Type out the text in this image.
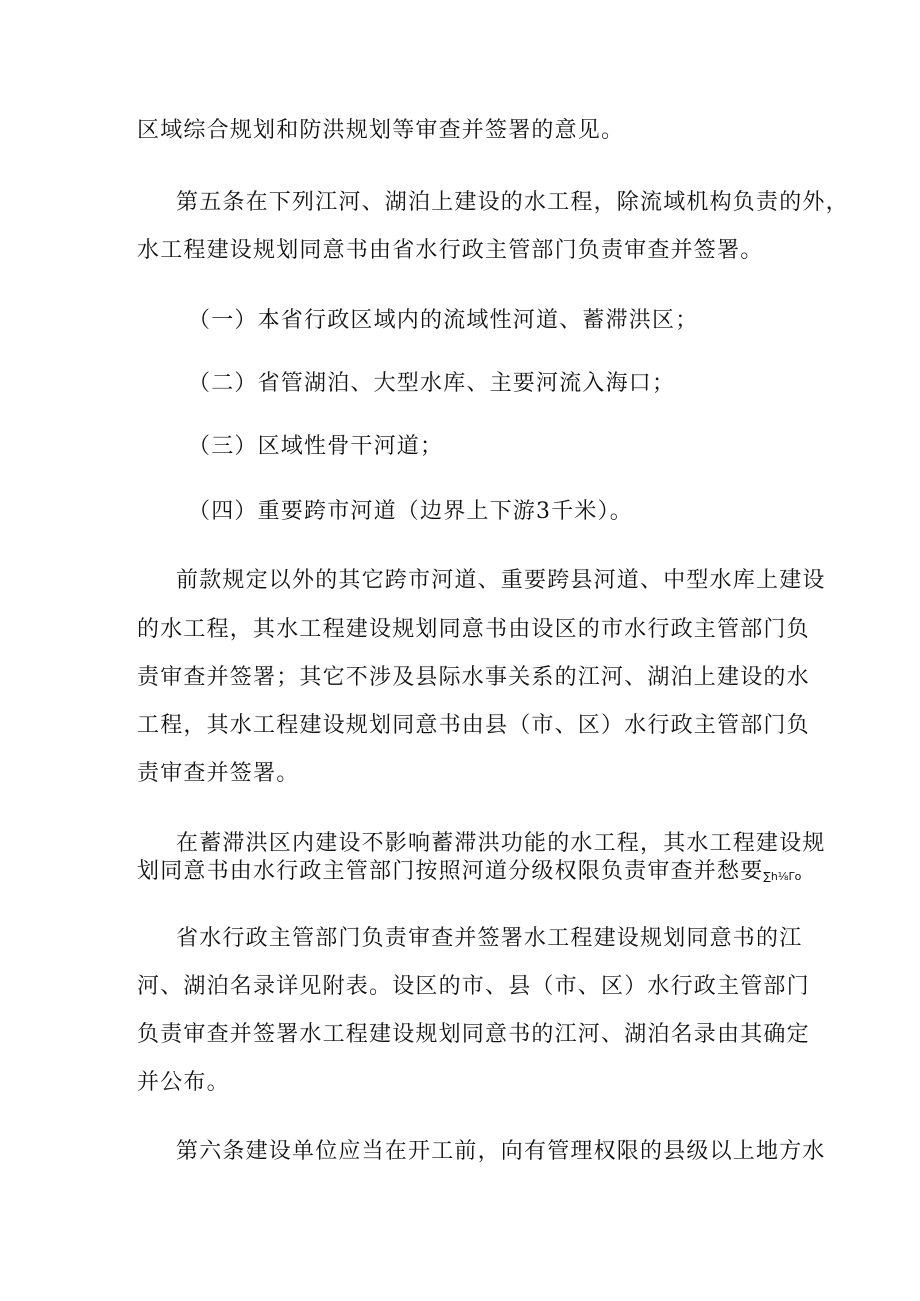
区域综合规划和防洪规划等审查并签署的意见。
第五条在下列江河、湖泊上建设的水工程，除流域机构负责的外，
水工程建设规划同意书由省水行政主管部门负责审查并签署。
（一）本省行政区域内的流域性河道、蓄滞洪区；
（二）省管湖泊、大型水库、主要河流入海口；
（三）区域性骨干河道；
（四）重要跨市河道（边界上下游3千米）。
前款规定以外的其它跨市河道、重要跨县河道、中型水库上建设
的水工程，其水工程建设规划同意书由设区的市水行政主管部门负
责审查并签署；其它不涉及县际水事关系的江河、湖泊上建设的水
工程，其水工程建设规划同意书由县（市、区）水行政主管部门负
责审查并签署。
在蓄滞洪区内建设不影响蓄滞洪功能的水工程，其水工程建设规
划同意书由水行政主管部门按照河道分级权限负责审查并愁要∑h⅛Γo
省水行政主管部门负责审查并签署水工程建设规划同意书的江
河、湖泊名录详见附表。设区的市、县（市、区）水行政主管部门
负责审查并签署水工程建设规划同意书的江河、湖泊名录由其确定
并公布。
第六条建设单位应当在开工前，向有管理权限的县级以上地方水
